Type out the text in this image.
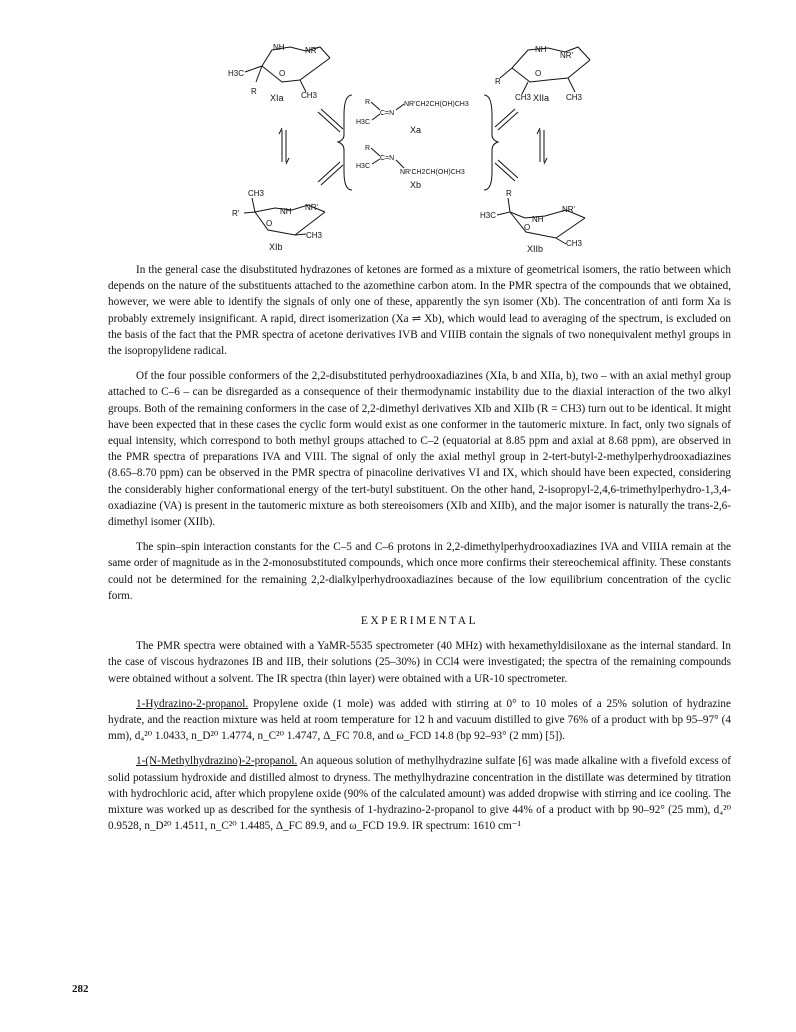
NH	NR'
O
H3C
R	CH3
XIa
NH
NR'
O
R
CH3	CH3
XIIa
R
H3C
C=N
NR'CH2CH(OH)CH3
Xa
R
H3C
C=N
NR'CH2CH(OH)CH3
Xb
CH3
R'	NH NR'
O
CH3
XIb
R
H3C	NH
NR'
O
CH3
XIIb

In the general case the disubstituted hydrazones of ketones are formed as a mixture of geometrical isomers, the ratio between which depends on the nature of the substituents attached to the azomethine carbon atom. In the PMR spectra of the compounds that we obtained, however, we were able to identify the signals of only one of these, apparently the syn isomer (Xb). The concentration of anti form Xa is probably extremely insignificant. A rapid, direct isomerization (Xa ⇌ Xb), which would lead to averaging of the spectrum, is excluded on the basis of the fact that the PMR spectra of acetone derivatives IVB and VIIIB contain the signals of two nonequivalent methyl groups in the isopropylidene radical.

Of the four possible conformers of the 2,2-disubstituted perhydrooxadiazines (XIa, b and XIIa, b), two – with an axial methyl group attached to C–6 – can be disregarded as a consequence of their thermodynamic instability due to the diaxial interaction of the two alkyl groups. Both of the remaining conformers in the case of 2,2-dimethyl derivatives XIb and XIIb (R = CH3) turn out to be identical. It might have been expected that in these cases the cyclic form would exist as one conformer in the tautomeric mixture. In fact, only two signals of equal intensity, which correspond to both methyl groups attached to C–2 (equatorial at 8.85 ppm and axial at 8.68 ppm), are observed in the PMR spectra of preparations IVA and VIII. The signal of only the axial methyl group in 2-tert-butyl-2-methylperhydrooxadiazines (8.65–8.70 ppm) can be observed in the PMR spectra of pinacoline derivatives VI and IX, which should have been expected, considering the considerably higher conformational energy of the tert-butyl substituent. On the other hand, 2-isopropyl-2,4,6-trimethylperhydro-1,3,4-oxadiazine (VA) is present in the tautomeric mixture as both stereoisomers (XIb and XIIb), and the major isomer is naturally the trans-2,6-dimethyl isomer (XIIb).

The spin–spin interaction constants for the C–5 and C–6 protons in 2,2-dimethylperhydrooxadiazines IVA and VIIIA remain at the same order of magnitude as in the 2-monosubstituted compounds, which once more confirms their stereochemical affinity. These constants could not be determined for the remaining 2,2-dialkylperhydrooxadiazines because of the low equilibrium concentration of the cyclic form.

EXPERIMENTAL

The PMR spectra were obtained with a YaMR-5535 spectrometer (40 MHz) with hexamethyldisiloxane as the internal standard. In the case of viscous hydrazones IB and IIB, their solutions (25–30%) in CCl4 were investigated; the spectra of the remaining compounds were obtained without a solvent. The IR spectra (thin layer) were obtained with a UR-10 spectrometer.

1-Hydrazino-2-propanol. Propylene oxide (1 mole) was added with stirring at 0° to 10 moles of a 25% solution of hydrazine hydrate, and the reaction mixture was held at room temperature for 12 h and vacuum distilled to give 76% of a product with bp 95–97° (4 mm), d₄²⁰ 1.0433, n_D²⁰ 1.4774, n_C²⁰ 1.4747, Δ_FC 70.8, and ω_FCD 14.8 (bp 92–93° (2 mm) [5]).

1-(N-Methylhydrazino)-2-propanol. An aqueous solution of methylhydrazine sulfate [6] was made alkaline with a fivefold excess of solid potassium hydroxide and distilled almost to dryness. The methylhydrazine concentration in the distillate was determined by titration with hydrochloric acid, after which propylene oxide (90% of the calculated amount) was added dropwise with stirring and ice cooling. The mixture was worked up as described for the synthesis of 1-hydrazino-2-propanol to give 44% of a product with bp 90–92° (25 mm), d₄²⁰ 0.9528, n_D²⁰ 1.4511, n_C²⁰ 1.4485, Δ_FC 89.9, and ω_FCD 19.9. IR spectrum: 1610 cm⁻¹

282
